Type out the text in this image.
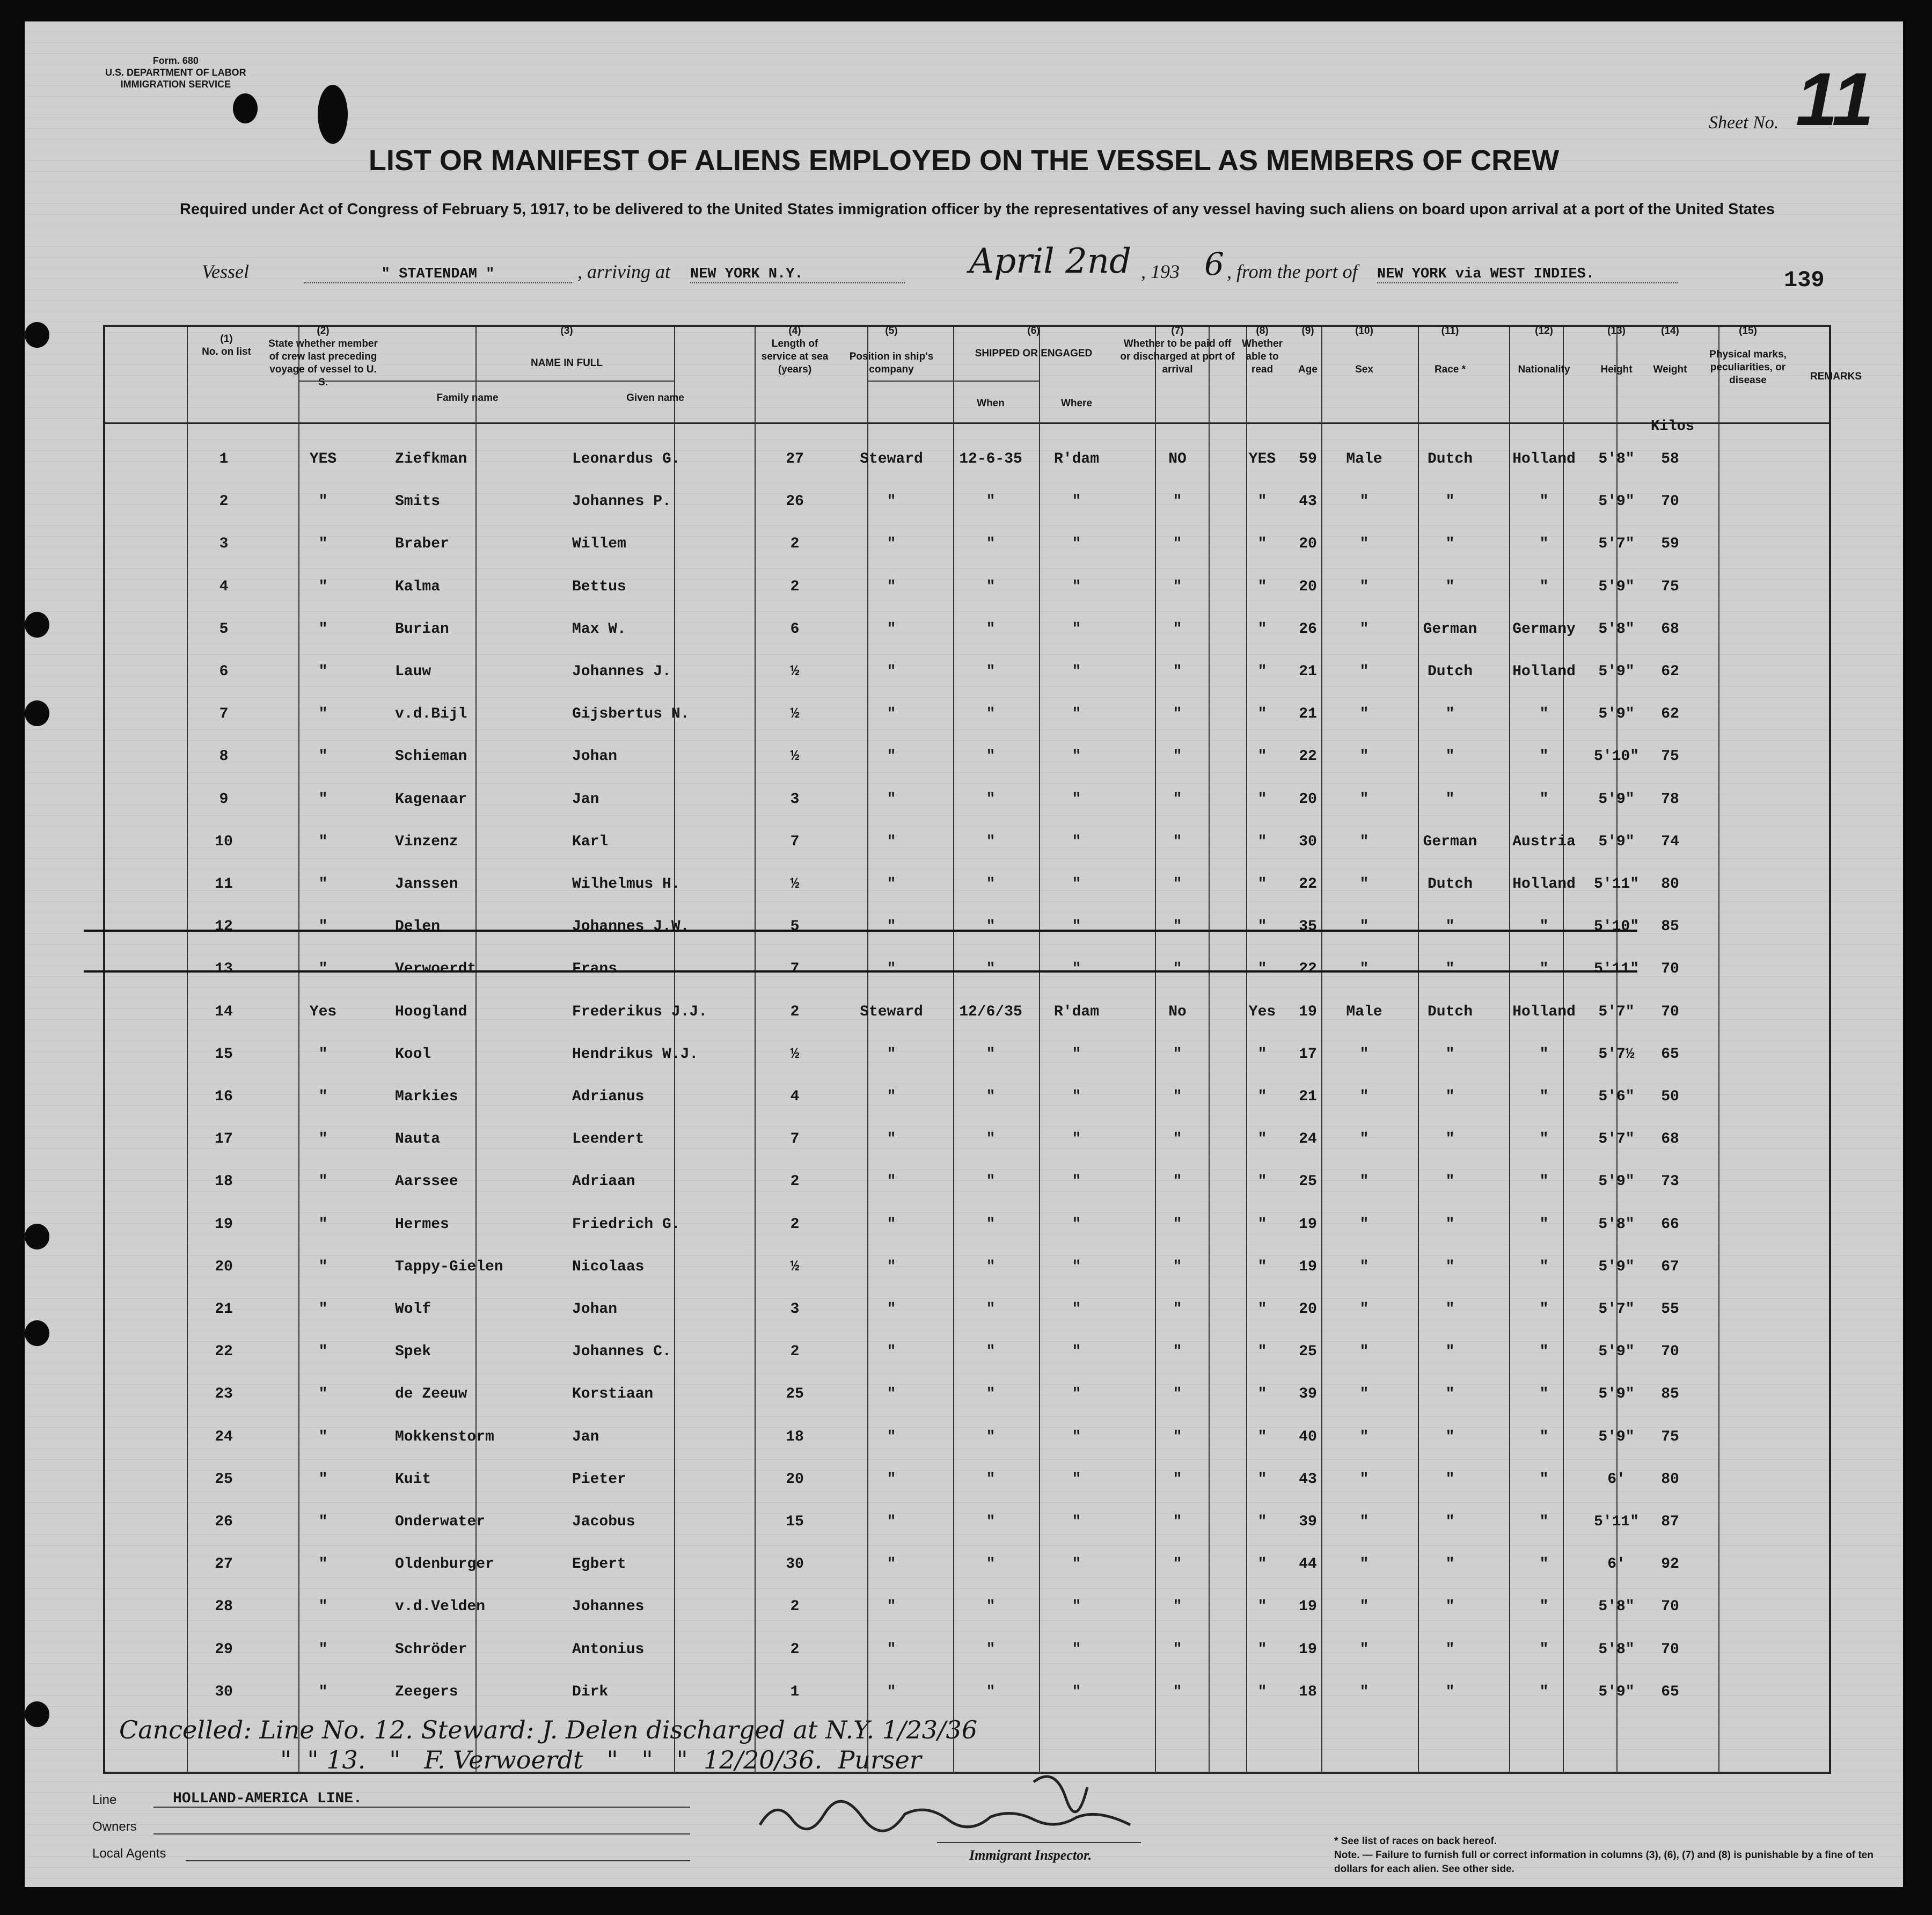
Form. 680
U.S. DEPARTMENT OF LABOR
IMMIGRATION SERVICE
Sheet No. 11
139
LIST OR MANIFEST OF ALIENS EMPLOYED ON THE VESSEL AS MEMBERS OF CREW
Required under Act of Congress of February 5, 1917, to be delivered to the United States immigration officer by the representatives of any vessel having such aliens on board upon arrival at a port of the United States
Vessel	" STATENDAM "	, arriving at NEW YORK N.Y.	April 2nd , 193 6 , from the port of NEW YORK via WEST INDIES.
(1)
No. on list
(2)
State whether member of crew last preceding voyage of vessel to U. S.
(3)
NAME IN FULL
Family name	Given name
(4)
Length of service at sea (years)
(5)
Position in ship's company
(6)
SHIPPED OR ENGAGED
When	Where
(7)
Whether to be paid off or discharged at port of arrival
(8)
Whether able to read
(9)
Age
(10)
Sex
(11)
Race *
(12)
Nationality
(13)
Height
(14)
Weight
(15)
Physical marks, peculiarities, or disease	REMARKS
Kilos
1	YES	Ziefkman	Leonardus G.	27	Steward	12-6-35	R'dam	NO	YES	59	Male	Dutch	Holland	5'8"	58
2	"	Smits	Johannes P.	26	"	"	"	"	"	43	"	"	"	5'9"	70
3	"	Braber	Willem	2	"	"	"	"	"	20	"	"	"	5'7"	59
4	"	Kalma	Bettus	2	"	"	"	"	"	20	"	"	"	5'9"	75
5	"	Burian	Max W.	6	"	"	"	"	"	26	"	German	Germany	5'8"	68
6	"	Lauw	Johannes J.	½	"	"	"	"	"	21	"	Dutch	Holland	5'9"	62
7	"	v.d.Bijl	Gijsbertus N.	½	"	"	"	"	"	21	"	"	"	5'9"	62
8	"	Schieman	Johan	½	"	"	"	"	"	22	"	"	"	5'10"	75
9	"	Kagenaar	Jan	3	"	"	"	"	"	20	"	"	"	5'9"	78
10	"	Vinzenz	Karl	7	"	"	"	"	"	30	"	German	Austria	5'9"	74
11	"	Janssen	Wilhelmus H.	½	"	"	"	"	"	22	"	Dutch	Holland	5'11"	80
12	"	Delen	Johannes J.W.	5	"	"	"	"	"	35	"	"	"	5'10"	85
13	"	Verwoerdt	Frans	7	"	"	"	"	"	22	"	"	"	5'11"	70
14	Yes	Hoogland	Frederikus J.J.	2	Steward	12/6/35	R'dam	No	Yes	19	Male	Dutch	Holland	5'7"	70
15	"	Kool	Hendrikus W.J.	½	"	"	"	"	"	17	"	"	"	5'7½	65
16	"	Markies	Adrianus	4	"	"	"	"	"	21	"	"	"	5'6"	50
17	"	Nauta	Leendert	7	"	"	"	"	"	24	"	"	"	5'7"	68
18	"	Aarssee	Adriaan	2	"	"	"	"	"	25	"	"	"	5'9"	73
19	"	Hermes	Friedrich G.	2	"	"	"	"	"	19	"	"	"	5'8"	66
20	"	Tappy-Gielen	Nicolaas	½	"	"	"	"	"	19	"	"	"	5'9"	67
21	"	Wolf	Johan	3	"	"	"	"	"	20	"	"	"	5'7"	55
22	"	Spek	Johannes C.	2	"	"	"	"	"	25	"	"	"	5'9"	70
23	"	de Zeeuw	Korstiaan	25	"	"	"	"	"	39	"	"	"	5'9"	85
24	"	Mokkenstorm	Jan	18	"	"	"	"	"	40	"	"	"	5'9"	75
25	"	Kuit	Pieter	20	"	"	"	"	"	43	"	"	"	6'	80
26	"	Onderwater	Jacobus	15	"	"	"	"	"	39	"	"	"	5'11"	87
27	"	Oldenburger	Egbert	30	"	"	"	"	"	44	"	"	"	6'	92
28	"	v.d.Velden	Johannes	2	"	"	"	"	"	19	"	"	"	5'8"	70
29	"	Schröder	Antonius	2	"	"	"	"	"	19	"	"	"	5'8"	70
30	"	Zeegers	Dirk	1	"	"	"	"	"	18	"	"	"	5'9"	65
Cancelled: Line No. 12. Steward: J. Delen discharged at N.Y. 1/23/36
"  " 13.   "   F. Verwoerdt   "   "   "  12/20/36.  Purser
Line	HOLLAND-AMERICA LINE.
Owners
Local Agents	Immigrant Inspector.
* See list of races on back hereof.
Note. — Failure to furnish full or correct information in columns (3), (6), (7) and (8) is punishable by a fine of ten dollars for each alien. See other side.
